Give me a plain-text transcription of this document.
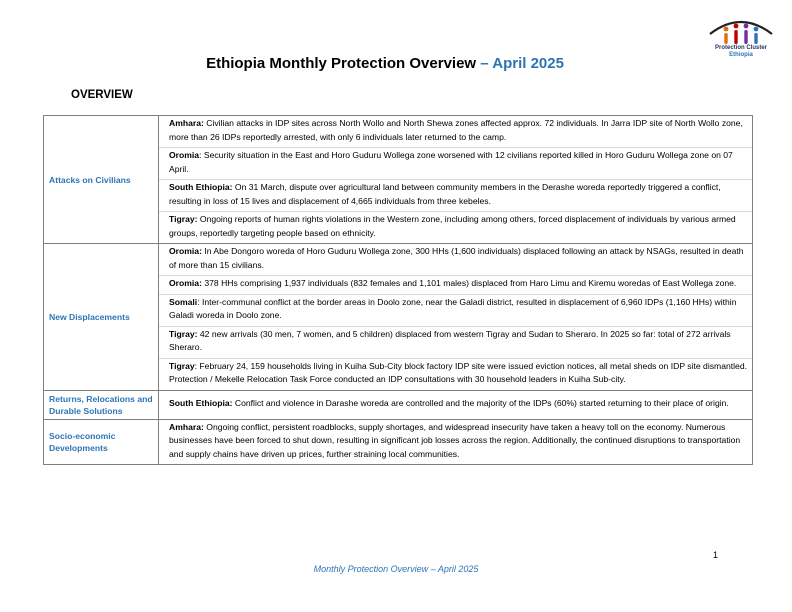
Protection Cluster
Ethiopia
Ethiopia Monthly Protection Overview – April 2025
OVERVIEW
Attacks on Civilians	Amhara: Civilian attacks in IDP sites across North Wollo and North Shewa zones affected approx. 72 individuals. In Jarra IDP site of North Wollo zone, more than 26 IDPs reportedly arrested, with only 6 individuals later returned to the camp.
Oromia: Security situation in the East and Horo Guduru Wollega zone worsened with 12 civilians reported killed in Horo Guduru Wollega zone on 07 April.
South Ethiopia: On 31 March, dispute over agricultural land between community members in the Derashe woreda reportedly triggered a conflict, resulting in loss of 15 lives and displacement of 4,665 individuals from three kebeles.
Tigray: Ongoing reports of human rights violations in the Western zone, including among others, forced displacement of individuals by various armed groups, reportedly targeting people based on ethnicity.

New Displacements	Oromia: In Abe Dongoro woreda of Horo Guduru Wollega zone, 300 HHs (1,600 individuals) displaced following an attack by NSAGs, resulted in death of more than 15 civilians.
Oromia: 378 HHs comprising 1,937 individuals (832 females and 1,101 males) displaced from Haro Limu and Kiremu woredas of East Wollega zone.
Somali: Inter-communal conflict at the border areas in Doolo zone, near the Galadi district, resulted in displacement of 6,960 IDPs (1,160 HHs) within Galadi woreda in Doolo zone.
Tigray: 42 new arrivals (30 men, 7 women, and 5 children) displaced from western Tigray and Sudan to Sheraro. In 2025 so far: total of 272 arrivals Sheraro.
Tigray: February 24, 159 households living in Kuiha Sub-City block factory IDP site were issued eviction notices, all metal sheds on IDP site dismantled. Protection / Mekelle Relocation Task Force conducted an IDP consultations with 30 household leaders in Kuiha Sub-city.

Returns, Relocations and Durable Solutions	South Ethiopia: Conflict and violence in Darashe woreda are controlled and the majority of the IDPs (60%) started returning to their place of origin.

Socio-economic Developments	Amhara: Ongoing conflict, persistent roadblocks, supply shortages, and widespread insecurity have taken a heavy toll on the economy. Numerous businesses have been forced to shut down, resulting in significant job losses across the region. Additionally, the continued disruptions to transportation and supply chains have driven up prices, further straining local communities.
1
Monthly Protection Overview – April 2025
